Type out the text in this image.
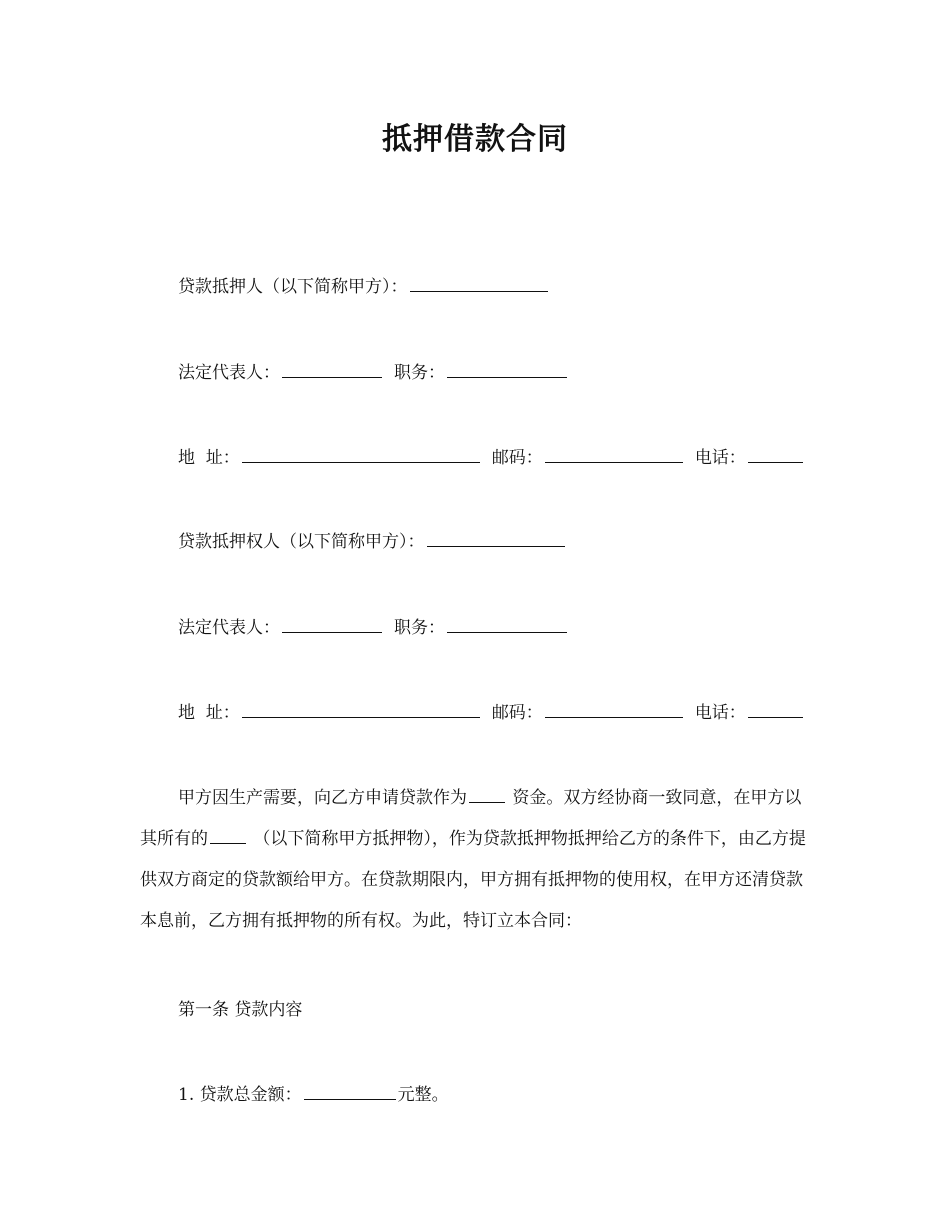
抵押借款合同
贷款抵押人（以下简称甲方）：
法定代表人：	职务：
地  址：	邮码：	电话：
贷款抵押权人（以下简称甲方）：
法定代表人：	职务：
地  址：	邮码：	电话：
甲方因生产需要，向乙方申请贷款作为 资金。双方经协商一致同意，在甲方以其所有的 （以下简称甲方抵押物），作为贷款抵押物抵押给乙方的条件下，由乙方提供双方商定的贷款额给甲方。在贷款期限内，甲方拥有抵押物的使用权，在甲方还清贷款本息前，乙方拥有抵押物的所有权。为此，特订立本合同：
第一条 贷款内容
1. 贷款总金额：	元整。
